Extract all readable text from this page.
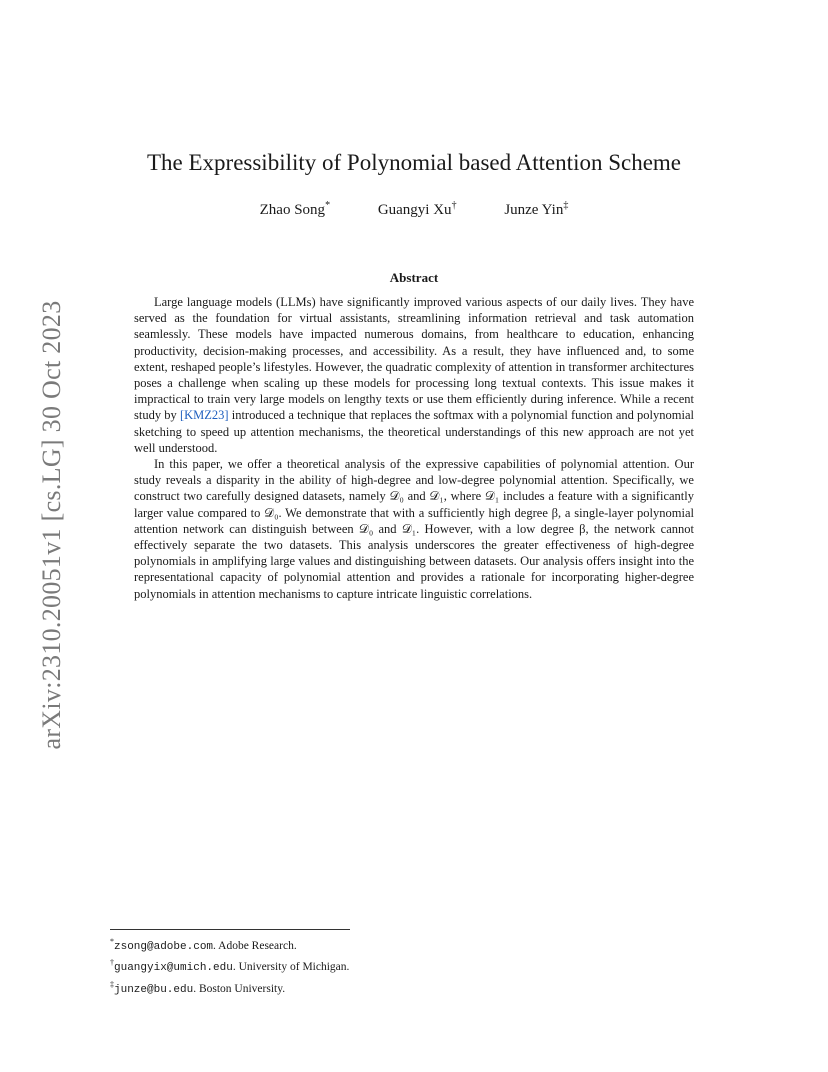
arXiv:2310.20051v1 [cs.LG] 30 Oct 2023
The Expressibility of Polynomial based Attention Scheme
Zhao Song*	Guangyi Xu†	Junze Yin‡
Abstract

Large language models (LLMs) have significantly improved various aspects of our daily lives. They have served as the foundation for virtual assistants, streamlining information retrieval and task automation seamlessly. These models have impacted numerous domains, from healthcare to education, enhancing productivity, decision-making processes, and accessibility. As a result, they have influenced and, to some extent, reshaped people’s lifestyles. However, the quadratic complexity of attention in transformer architectures poses a challenge when scaling up these models for processing long textual contexts. This issue makes it impractical to train very large models on lengthy texts or use them efficiently during inference. While a recent study by [KMZ23] introduced a technique that replaces the softmax with a polynomial function and polynomial sketching to speed up attention mechanisms, the theoretical understandings of this new approach are not yet well understood.

In this paper, we offer a theoretical analysis of the expressive capabilities of polynomial attention. Our study reveals a disparity in the ability of high-degree and low-degree polynomial attention. Specifically, we construct two carefully designed datasets, namely 𝒟₀ and 𝒟₁, where 𝒟₁ includes a feature with a significantly larger value compared to 𝒟₀. We demonstrate that with a sufficiently high degree β, a single-layer polynomial attention network can distinguish between 𝒟₀ and 𝒟₁. However, with a low degree β, the network cannot effectively separate the two datasets. This analysis underscores the greater effectiveness of high-degree polynomials in amplifying large values and distinguishing between datasets. Our analysis offers insight into the representational capacity of polynomial attention and provides a rationale for incorporating higher-degree polynomials in attention mechanisms to capture intricate linguistic correlations.

*zsong@adobe.com. Adobe Research.
†guangyix@umich.edu. University of Michigan.
‡junze@bu.edu. Boston University.
